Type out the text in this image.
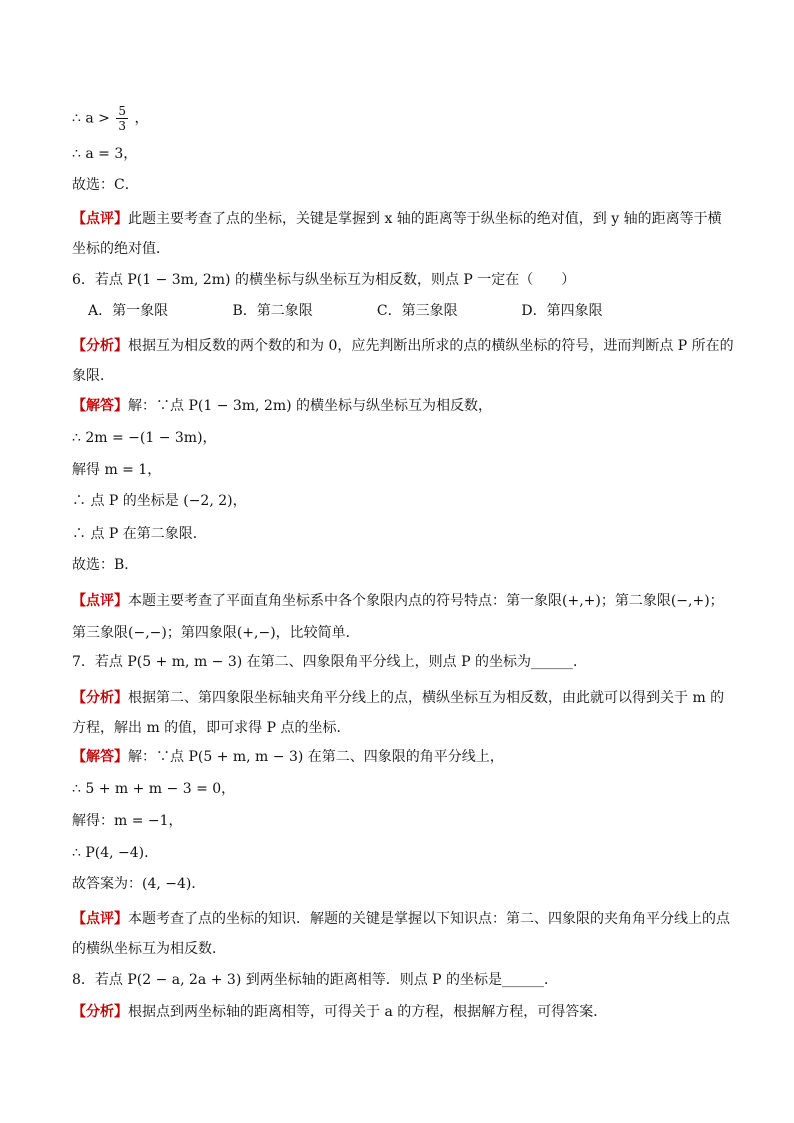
∴ $a > \frac{5}{3}$ ，
∴ a = 3，
故选：C．
【点评】此题主要考查了点的坐标，关键是掌握到 x 轴的距离等于纵坐标的绝对值，到 y 轴的距离等于横坐标的绝对值．
6．若点 P(1 − 3m, 2m) 的横坐标与纵坐标互为相反数，则点 P 一定在（　　）
A．第一象限	B．第二象限	C．第三象限	D．第四象限
【分析】根据互为相反数的两个数的和为 0，应先判断出所求的点的横纵坐标的符号，进而判断点 P 所在的象限．
【解答】解：∵点 P(1 − 3m, 2m) 的横坐标与纵坐标互为相反数，
∴ 2m = −(1 − 3m)，
解得 m = 1，
∴ 点 P 的坐标是 (−2, 2)，
∴ 点 P 在第二象限．
故选：B．
【点评】本题主要考查了平面直角坐标系中各个象限内点的符号特点：第一象限(+,+)；第二象限(−,+)；第三象限(−,−)；第四象限(+,−)，比较简单．
7．若点 P(5 + m, m − 3) 在第二、四象限角平分线上，则点 P 的坐标为______．
【分析】根据第二、第四象限坐标轴夹角平分线上的点，横纵坐标互为相反数，由此就可以得到关于 m 的方程，解出 m 的值，即可求得 P 点的坐标．
【解答】解：∵点 P(5 + m, m − 3) 在第二、四象限的角平分线上，
∴ 5 + m + m − 3 = 0，
解得：m = −1，
∴ P(4, −4)．
故答案为：(4, −4)．
【点评】本题考查了点的坐标的知识．解题的关键是掌握以下知识点：第二、四象限的夹角角平分线上的点的横纵坐标互为相反数．
8．若点 P(2 − a, 2a + 3) 到两坐标轴的距离相等．则点 P 的坐标是______．
【分析】根据点到两坐标轴的距离相等，可得关于 a 的方程，根据解方程，可得答案．
